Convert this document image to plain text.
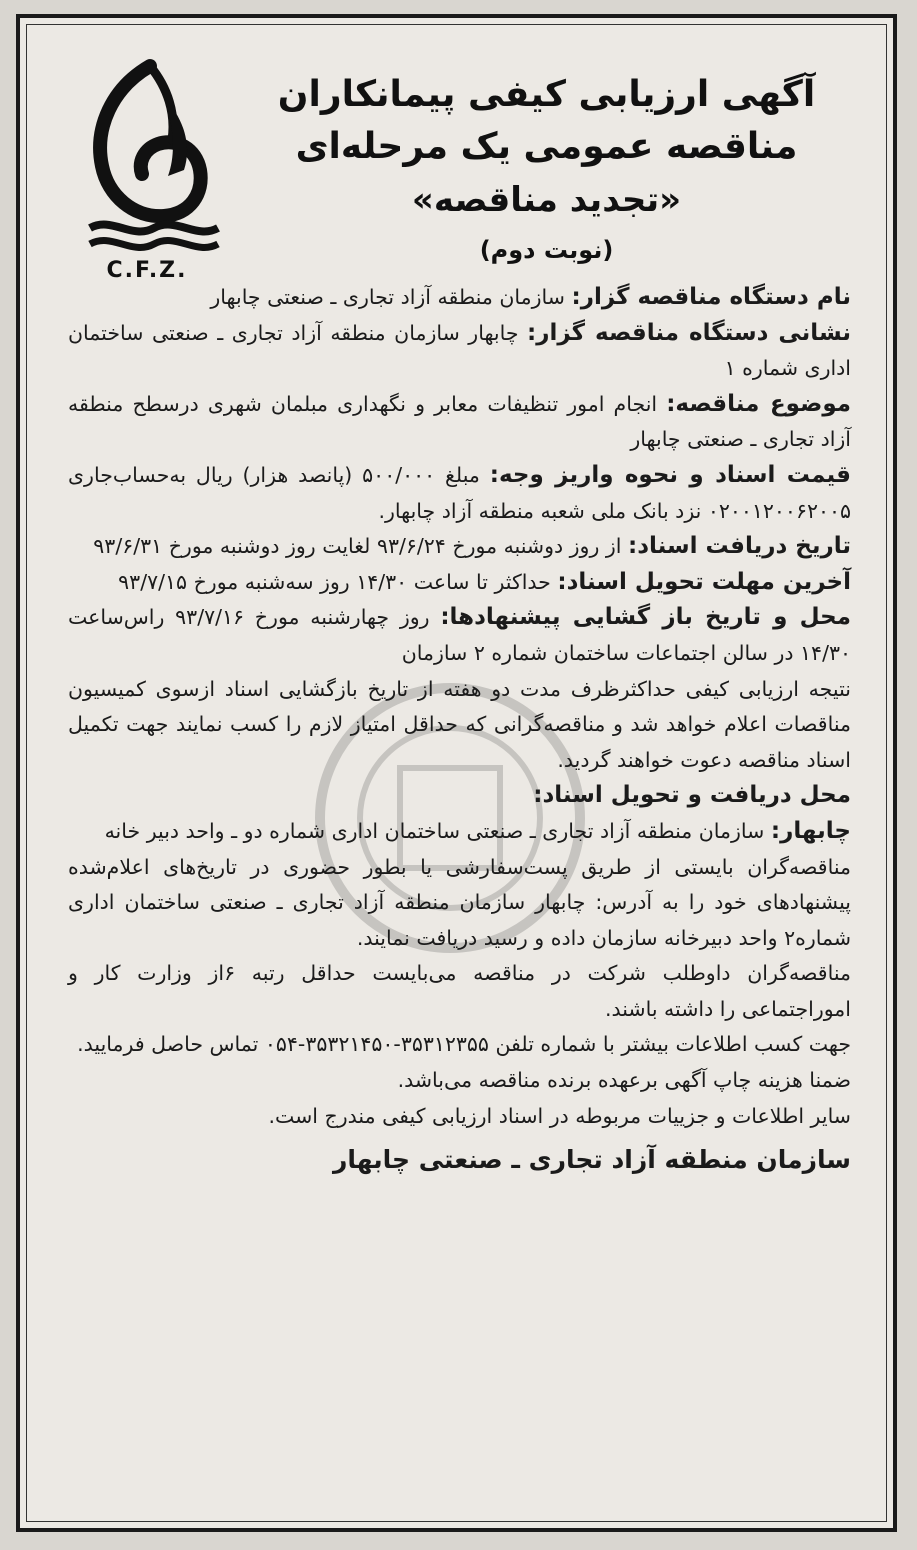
C.F.Z.
آگهی ارزیابی کیفی پیمانکاران
مناقصه عمومی یک مرحله‌ای
«تجدید مناقصه»
(نوبت دوم)

نام دستگاه مناقصه گزار: سازمان منطقه آزاد تجاری ـ صنعتی چابهار

نشانی دستگاه مناقصه گزار: چابهار سازمان منطقه آزاد تجاری ـ صنعتی ساختمان اداری شماره ۱

موضوع مناقصه: انجام امور تنظیفات معابر و نگهداری مبلمان شهری درسطح منطقه آزاد تجاری ـ صنعتی چابهار

قیمت اسناد و نحوه واریز وجه: مبلغ ۵۰۰/۰۰۰ (پانصد هزار) ریال به‌حساب‌جاری ۰۲۰۰۱۲۰۰۶۲۰۰۵ نزد بانک ملی شعبه منطقه آزاد چابهار.

تاریخ دریافت اسناد: از روز دوشنبه مورخ ۹۳/۶/۲۴ لغایت روز دوشنبه مورخ ۹۳/۶/۳۱

آخرین مهلت تحویل اسناد: حداکثر تا ساعت ۱۴/۳۰ روز سه‌شنبه مورخ ۹۳/۷/۱۵

محل و تاریخ باز گشایی پیشنهادها: روز چهارشنبه مورخ ۹۳/۷/۱۶ راس‌ساعت ۱۴/۳۰ در سالن اجتماعات ساختمان شماره ۲ سازمان

نتیجه ارزیابی کیفی حداکثرظرف مدت دو هفته از تاریخ بازگشایی اسناد ازسوی کمیسیون مناقصات اعلام خواهد شد و مناقصه‌گرانی که حداقل امتیاز لازم را کسب نمایند جهت تکمیل اسناد مناقصه دعوت خواهند گردید.

محل دریافت و تحویل اسناد:

چابهار: سازمان منطقه آزاد تجاری ـ صنعتی ساختمان اداری شماره دو ـ واحد دبیر خانه

مناقصه‌گران بایستی از طریق پست‌سفارشی یا بطور حضوری در تاریخ‌های اعلام‌شده پیشنهادهای خود را به آدرس: چابهار سازمان منطقه آزاد تجاری ـ صنعتی ساختمان اداری شماره۲ واحد دبیرخانه سازمان داده و رسید دریافت نمایند.

مناقصه‌گران داوطلب شرکت در مناقصه می‌بایست حداقل رتبه ۶از وزارت کار و اموراجتماعی را داشته باشند.

جهت کسب اطلاعات بیشتر با شماره تلفن ۳۵۳۱۲۳۵۵-۳۵۳۲۱۴۵۰-۰۵۴ تماس حاصل فرمایید.

ضمنا هزینه چاپ آگهی برعهده برنده مناقصه می‌باشد.

سایر اطلاعات و جزییات مربوطه در اسناد ارزیابی کیفی مندرج است.

سازمان منطقه آزاد تجاری ـ صنعتی چابهار
